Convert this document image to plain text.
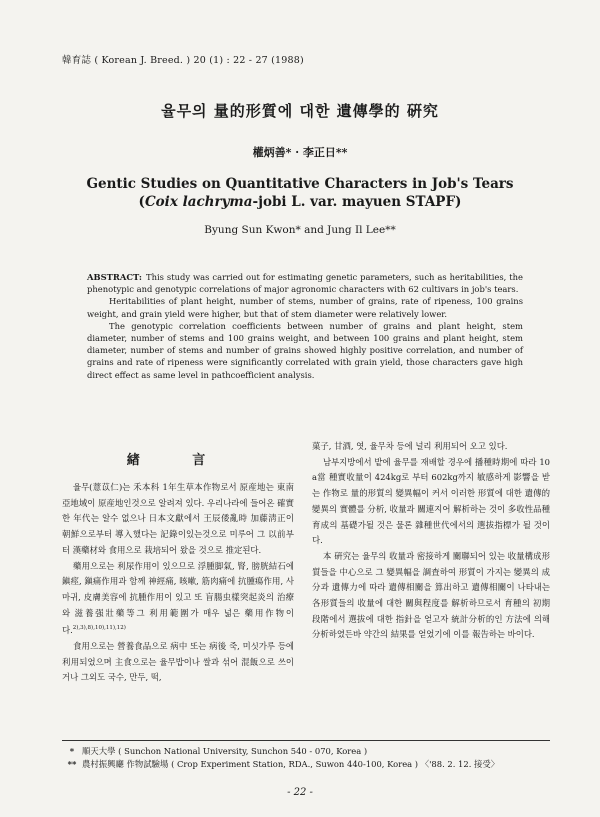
韓育誌 ( Korean J. Breed. ) 20 (1) : 22 - 27 (1988)
율무의 量的形質에 대한 遺傳學的 硏究
權炳善* · 李正日**
Gentic Studies on Quantitative Characters in Job's Tears
(Coix lachryma-jobi L. var. mayuen STAPF)
Byung Sun Kwon* and Jung Il Lee**

ABSTRACT: This study was carried out for estimating genetic parameters, such as heritabilities, the phenotypic and genotypic correlations of major agronomic characters with 62 cultivars in job's tears.

Heritabilities of plant height, number of stems, number of grains, rate of ripeness, 100 grains weight, and grain yield were higher, but that of stem diameter were relatively lower.

The genotypic correlation coefficients between number of grains and plant height, stem diameter, number of stems and 100 grains weight, and between 100 grains and plant height, stem diameter, number of stems and number of grains showed highly positive correlation, and number of grains and rate of ripeness were significantly correlated with grain yield, those characters gave high direct effect as same level in pathcoefficient analysis.

緖 言

율무(薏苡仁)는 禾本科 1年生草本作物로서 原産地는 東南亞地域이 原産地인것으로 알려져 있다. 우리나라에 들어온 確實한 年代는 알수 없으나 日本文獻에서 王辰倭亂時 加藤淸正이 朝鮮으로부터 導入했다는 記錄이있는것으로 미루어 그 以前부터 漢藥材와 食用으로 栽培되어 왔을 것으로 推定된다.

藥用으로는 利尿作用이 있으므로 浮腫脚氣, 腎, 膀胱結石에 鎭痙, 鎭痛作用과 함께 神經痛, 咳嗽, 筋肉痛에 抗腫瘍作用, 사마귀, 皮膚美容에 抗腫作用이 있고 또 盲腸虫樣突起炎의 治療와 滋養强壯藥等그 利用範圍가 매우 넓은 藥用作物이다.$^{2),3),8),10),11),12)}$

食用으로는 營養食品으로 病中 또는 病後 죽, 미싯가루 등에 利用되었으며 主食으로는 율무밥이나 쌀과 섞어 混飯으로 쓰이거나 그외도 국수, 만두, 떡,

菓子, 甘酒, 엿, 율무차 등에 널리 利用되어 오고 있다.

남부지방에서 밭에 율무를 재배할 경우에 播種時期에 따라 10 a當 種實收量이 424kg로 부터 602kg까지 敏感하게 影響을 받는 作物로 量的形質의 變異幅이 커서 이러한 形質에 대한 遺傳的 變異의 實體를 分析, 收量과 關連지어 解析하는 것이 多收性品種育成의 基礎가될 것은 물론 雜種世代에서의 選拔指標가 될 것이다.

本 硏究는 율무의 收量과 密接하게 關聯되어 있는 收量構成形質들을 中心으로 그 變異幅을 調査하여 形質이 가지는 變異의 成分과 遺傳力에 따라 遺傳相關을 算出하고 遺傳相關이 나타내는 各形質들의 收量에 대한 關與程度를 解析하므로서 育種의 初期段階에서 選拔에 대한 指針을 얻고자 統計分析的인 方法에 의해 分析하였든바 약간의 結果를 얻었기에 이를 報告하는 바이다.

* 順天大學 ( Sunchon National University, Sunchon 540 - 070, Korea )
** 農村振興廳 作物試驗場 ( Crop Experiment Station, RDA., Suwon 440-100, Korea ) 〈'88. 2. 12. 接受〉
- 22 -
